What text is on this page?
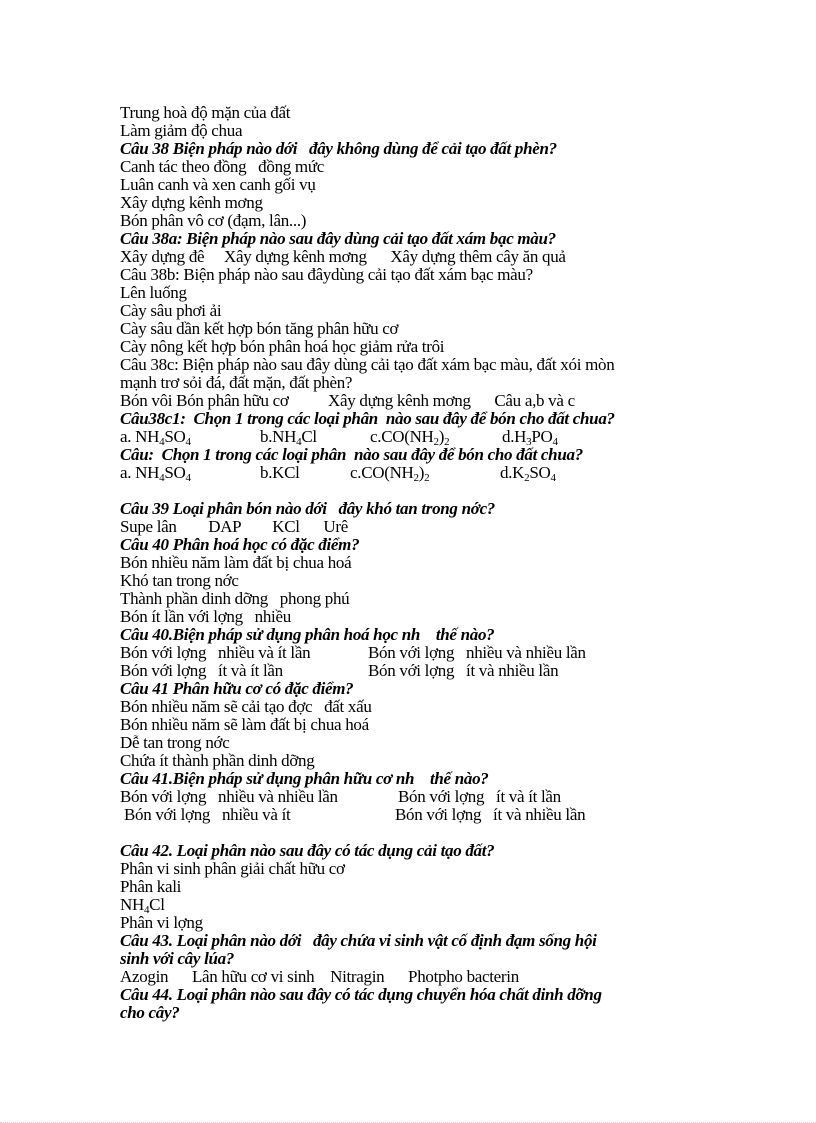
Trung hoà độ mặn của đất
Làm giảm độ chua
Câu 38 Biện pháp nào dới   đây không dùng để cải tạo đất phèn?
Canh tác theo đồng   đồng mức
Luân canh và xen canh gối vụ
Xây dựng kênh mơng
Bón phân vô cơ (đạm, lân...)
Câu 38a: Biện pháp nào sau đây dùng cải tạo đất xám bạc màu?
Xây dựng đê     Xây dựng kênh mơng      Xây dựng thêm cây ăn quả
Câu 38b: Biện pháp nào sau đâydùng cải tạo đất xám bạc màu?
Lên luống
Cày sâu phơi ải
Cày sâu dần kết hợp bón tăng phân hữu cơ
Cày nông kết hợp bón phân hoá học giảm rửa trôi
Câu 38c: Biện pháp nào sau đây dùng cải tạo đất xám bạc màu, đất xói mòn
mạnh trơ sỏi đá, đất mặn, đất phèn?
Bón vôi Bón phân hữu cơ          Xây dựng kênh mơng      Câu a,b và c
Câu38c1:  Chọn 1 trong các loại phân  nào sau đây để bón cho đất chua?
a. $NH_4SO_4$	$b.NH_4Cl$	$c.CO(NH_2)_2$	$d.H_3PO_4$
Câu:  Chọn 1 trong các loại phân  nào sau đây để bón cho đất chua?
a. $NH_4SO_4$	b.KCl	$c.CO(NH_2)_2$	$d.K_2SO_4$
Câu 39 Loại phân bón nào dới   đây khó tan trong nớc?
Supe lân        DAP        KCl      Urê
Câu 40 Phân hoá học có đặc điểm?
Bón nhiều năm làm đất bị chua hoá
Khó tan trong nớc
Thành phần dinh dỡng   phong phú
Bón ít lần với lợng   nhiều
Câu 40.Biện pháp sử dụng phân hoá học nh    thế nào?
Bón với lợng   nhiều và ít lần	Bón với lợng   nhiều và nhiều lần
Bón với lợng   ít và ít lần	Bón với lợng   ít và nhiều lần
Câu 41 Phân hữu cơ có đặc điểm?
Bón nhiều năm sẽ cải tạo đợc   đất xấu
Bón nhiều năm sẽ làm đất bị chua hoá
Dễ tan trong nớc
Chứa ít thành phần dinh dỡng
Câu 41.Biện pháp sử dụng phân hữu cơ nh    thế nào?
Bón với lợng   nhiều và nhiều lần	Bón với lợng   ít và ít lần
Bón với lợng   nhiều và ít	Bón với lợng   ít và nhiều lần
Câu 42. Loại phân nào sau đây có tác dụng cải tạo đất?
Phân vi sinh phân giải chất hữu cơ
Phân kali
$NH_4Cl$
Phân vi lợng
Câu 43. Loại phân nào dới   đây chứa vi sinh vật cố định đạm sống hội
sinh với cây lúa?
Azogin      Lân hữu cơ vi sinh    Nitragin      Photpho bacterin
Câu 44. Loại phân nào sau đây có tác dụng chuyển hóa chất dinh dỡng
cho cây?
